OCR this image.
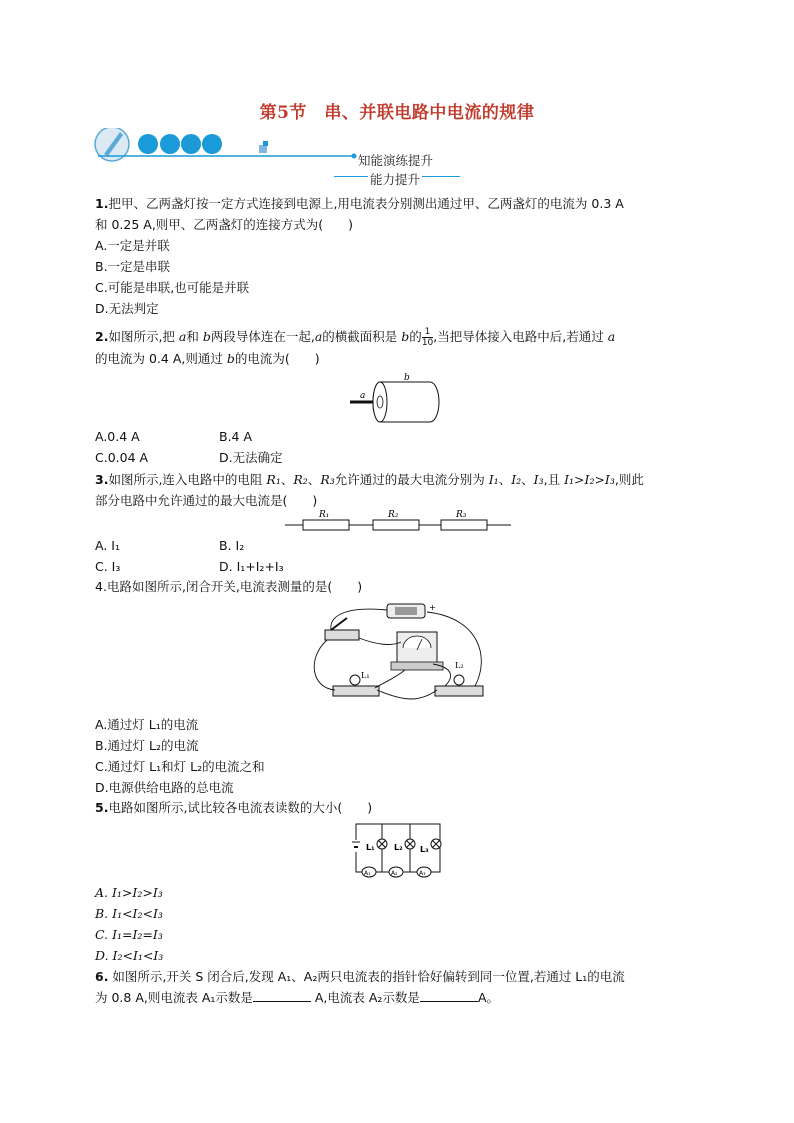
第5节　串、并联电路中电流的规律
知能演练提升
能力提升

1.把甲、乙两盏灯按一定方式连接到电源上,用电流表分别测出通过甲、乙两盏灯的电流为 0.3 A

和 0.25 A,则甲、乙两盏灯的连接方式为(　　)

A.一定是并联
B.一定是串联
C.可能是串联,也可能是并联
D.无法判定

2.如图所示,把 a和 b两段导体连在一起,a的横截面积是 b的 $\frac{1}{10}$ ,当把导体接入电路中后,若通过 a

的电流为 0.4 A,则通过 b的电流为(　　)

a
b
A.0.4 A	B.4 A
C.0.04 A	D.无法确定

3.如图所示,连入电路中的电阻 R₁、R₂、R₃允许通过的最大电流分别为 I₁、I₂、I₃,且 I₁>I₂>I₃,则此

部分电路中允许通过的最大电流是(　　)

R₁	R₂	R₃
A. I₁	B. I₂
C. I₃	D. I₁+I₂+I₃

4.电路如图所示,闭合开关,电流表测量的是(　　)

+
L₁
L₂
A.通过灯 L₁的电流
B.通过灯 L₂的电流
C.通过灯 L₁和灯 L₂的电流之和
D.电源供给电路的总电流

5.电路如图所示,试比较各电流表读数的大小(　　)

L₁ L₂ L₃
A₁	A₂	A₃
A. I₁>I₂>I₃
B. I₁<I₂<I₃
C. I₁=I₂=I₃
D. I₂<I₁<I₃

6. 如图所示,开关 S 闭合后,发现 A₁、A₂两只电流表的指针恰好偏转到同一位置,若通过 L₁的电流

为 0.8 A,则电流表 A₁示数是	A,电流表 A₂示数是	A。
